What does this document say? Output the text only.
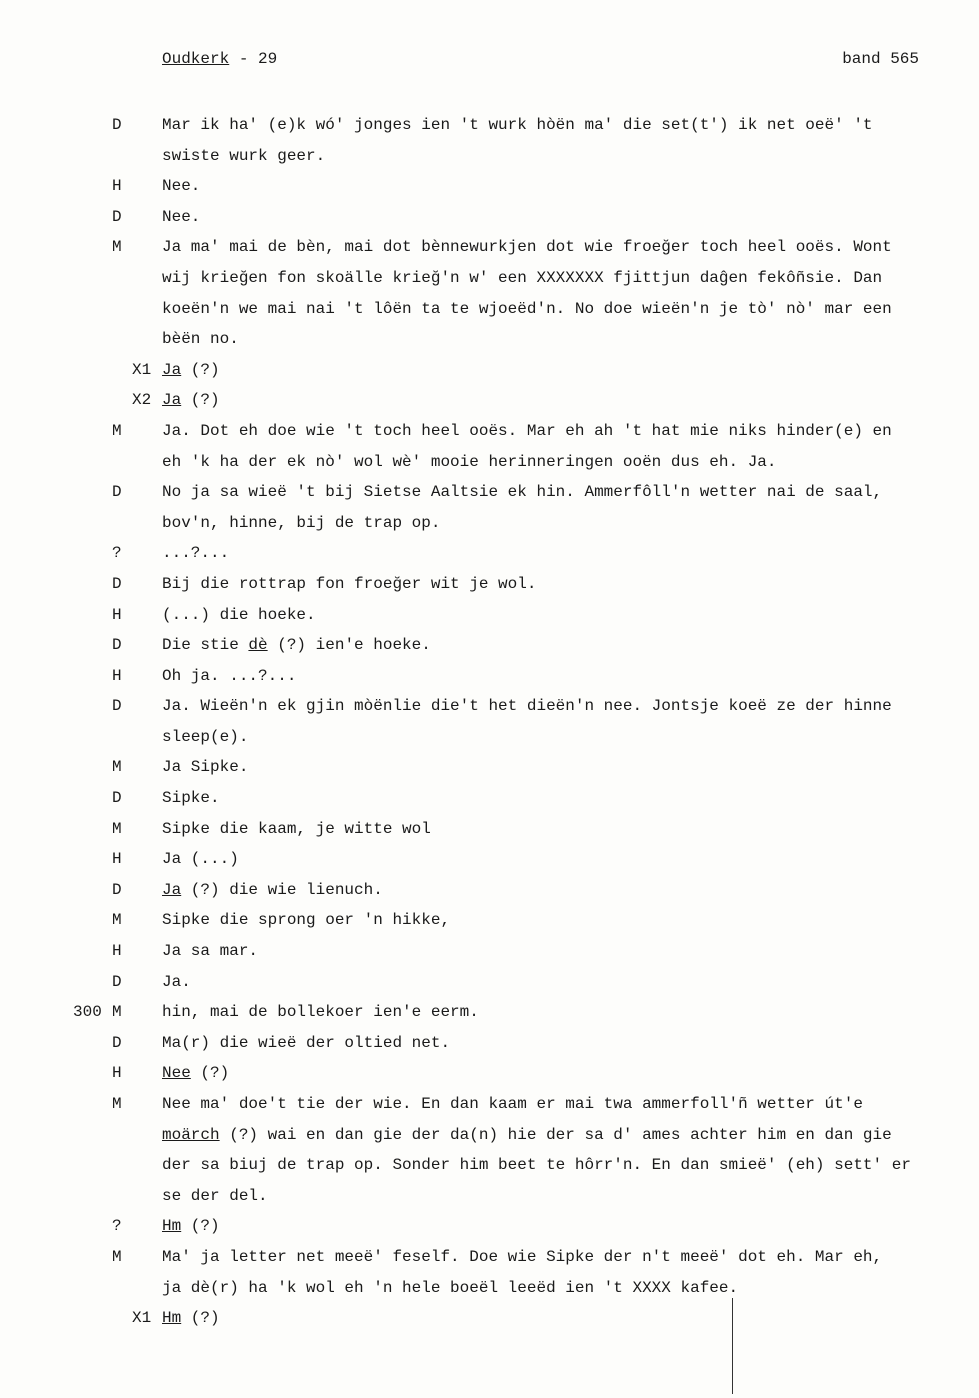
Oudkerk - 29	band 565
D	Mar ik ha' (e)k wó' jonges ien 't wurk hòën ma' die set(t') ik net oeë' 't
swiste wurk geer.
H	Nee.
D	Nee.
M	Ja ma' mai de bèn, mai dot bènnewurkjen dot wie froeğer toch heel ooës. Wont
wij krieğen fon skoälle krieğ'n w' een XXXXXXX fjittjun daĝen fekôñsie. Dan
koeën'n we mai nai 't lôën ta te wjoeëd'n. No doe wieën'n je tò' nò' mar een
bèën no.
X1 Ja (?)
X2 Ja (?)
M	Ja. Dot eh doe wie 't toch heel ooës. Mar eh ah 't hat mie niks hinder(e) en
eh 'k ha der ek nò' wol wè' mooie herinneringen ooën dus eh. Ja.
D	No ja sa wieë 't bij Sietse Aaltsie ek hin. Ammerfôll'n wetter nai de saal,
bov'n, hinne, bij de trap op.
?	...?...
D	Bij die rottrap fon froeğer wit je wol.
H	(...) die hoeke.
D	Die stie dè (?) ien'e hoeke.
H	Oh ja. ...?...
D	Ja. Wieën'n ek gjin mòënlie die't het dieën'n nee. Jontsje koeë ze der hinne
sleep(e).
M	Ja Sipke.
D	Sipke.
M	Sipke die kaam, je witte wol
H	Ja (...)
D	Ja (?) die wie lienuch.
M	Sipke die sprong oer 'n hikke,
H	Ja sa mar.
D	Ja.
300 M	hin, mai de bollekoer ien'e eerm.
D	Ma(r) die wieë der oltied net.
H	Nee (?)
M	Nee ma' doe't tie der wie. En dan kaam er mai twa ammerfoll'ñ wetter út'e
moärch (?) wai en dan gie der da(n) hie der sa d' ames achter him en dan gie
der sa biuj de trap op. Sonder him beet te hôrr'n. En dan smieë' (eh) sett' er
se der del.
?	Hm (?)
M	Ma' ja letter net meeë' feself. Doe wie Sipke der n't meeë' dot eh. Mar eh,
ja dè(r) ha 'k wol eh 'n hele boeël leeëd ien 't XXXX kafee.
X1 Hm (?)
